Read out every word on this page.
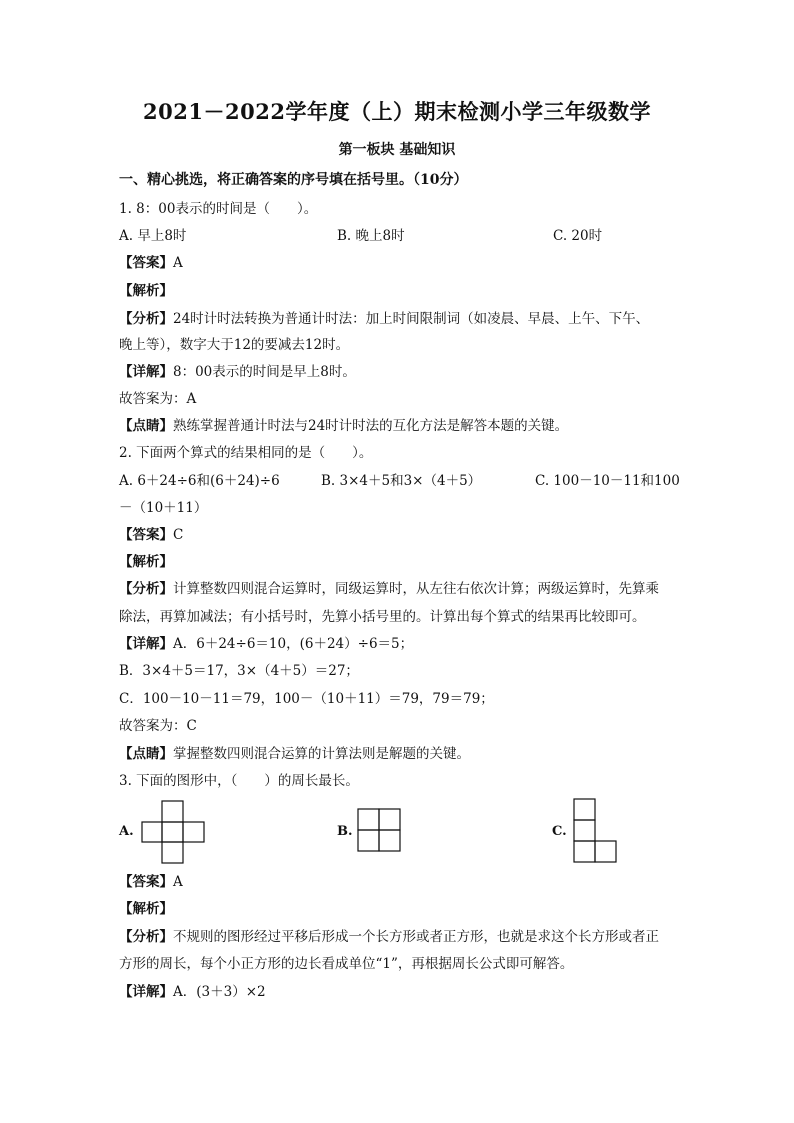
2021－2022学年度（上）期末检测小学三年级数学
第一板块 基础知识
一、精心挑选，将正确答案的序号填在括号里。（10分）
1. 8：00表示的时间是（　　）。
A. 早上8时	B. 晚上8时	C. 20时
【答案】A
【解析】
【分析】24时计时法转换为普通计时法：加上时间限制词（如凌晨、早晨、上午、下午、
晚上等），数字大于12的要减去12时。
【详解】8：00表示的时间是早上8时。
故答案为：A
【点睛】熟练掌握普通计时法与24时计时法的互化方法是解答本题的关键。
2. 下面两个算式的结果相同的是（　　）。
A. 6＋24÷6和(6＋24)÷6	B. 3×4＋5和3×（4＋5）	C. 100－10－11和100
－（10＋11）
【答案】C
【解析】
【分析】计算整数四则混合运算时，同级运算时，从左往右依次计算；两级运算时，先算乘
除法，再算加减法；有小括号时，先算小括号里的。计算出每个算式的结果再比较即可。
【详解】A．6＋24÷6＝10，(6＋24）÷6＝5；
B．3×4＋5＝17，3×（4＋5）＝27；
C．100－10－11＝79，100－（10＋11）＝79，79＝79；
故答案为：C
【点睛】掌握整数四则混合运算的计算法则是解题的关键。
3. 下面的图形中，（　　）的周长最长。
A.	B.	C.
【答案】A
【解析】
【分析】不规则的图形经过平移后形成一个长方形或者正方形，也就是求这个长方形或者正
方形的周长，每个小正方形的边长看成单位“1”，再根据周长公式即可解答。
【详解】A．(3＋3）×2
